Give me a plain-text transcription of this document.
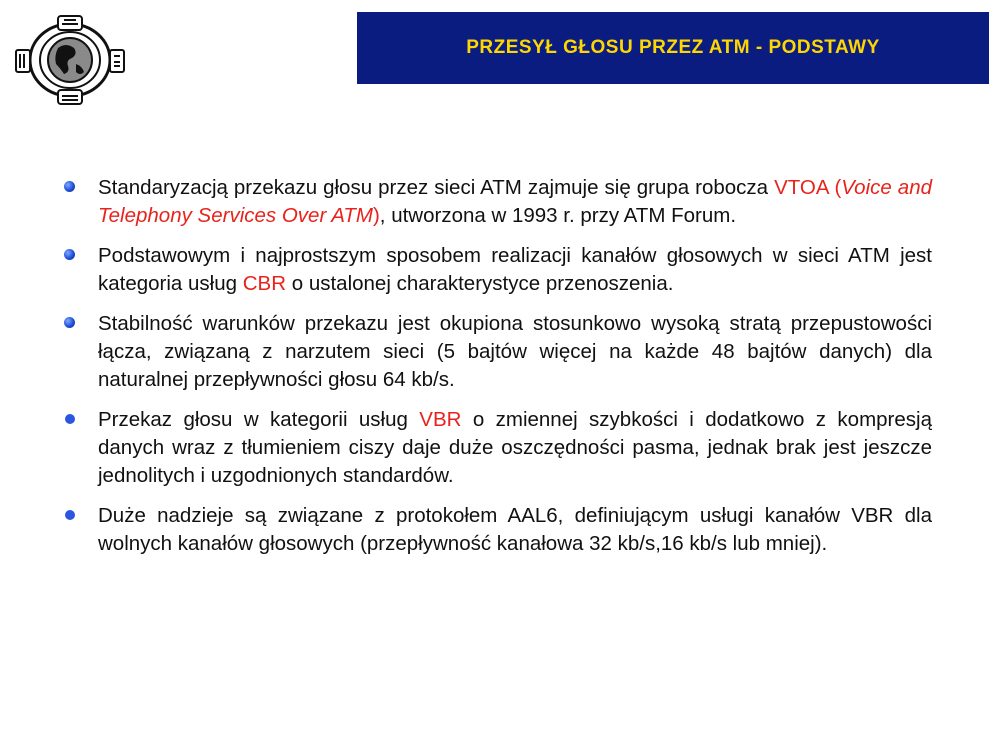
PRZESYŁ GŁOSU PRZEZ ATM - PODSTAWY
Standaryzacją przekazu głosu przez sieci ATM zajmuje się grupa robocza VTOA (Voice and Telephony Services Over ATM), utworzona w 1993 r. przy ATM Forum.
Podstawowym i najprostszym sposobem realizacji kanałów głosowych w sieci ATM jest kategoria usług CBR o ustalonej charakterystyce przenoszenia.
Stabilność warunków przekazu jest okupiona stosunkowo wysoką stratą przepustowości łącza, związaną z narzutem sieci (5 bajtów więcej na każde 48 bajtów danych) dla naturalnej przepływności głosu 64 kb/s.
Przekaz głosu w kategorii usług VBR o zmiennej szybkości i dodatkowo z kompresją danych wraz z tłumieniem ciszy daje duże oszczędności pasma, jednak brak jest jeszcze jednolitych i uzgodnionych standardów.
Duże nadzieje są związane z protokołem AAL6, definiującym usługi kanałów VBR dla wolnych kanałów głosowych (przepływność kanałowa 32 kb/s,16 kb/s lub mniej).
